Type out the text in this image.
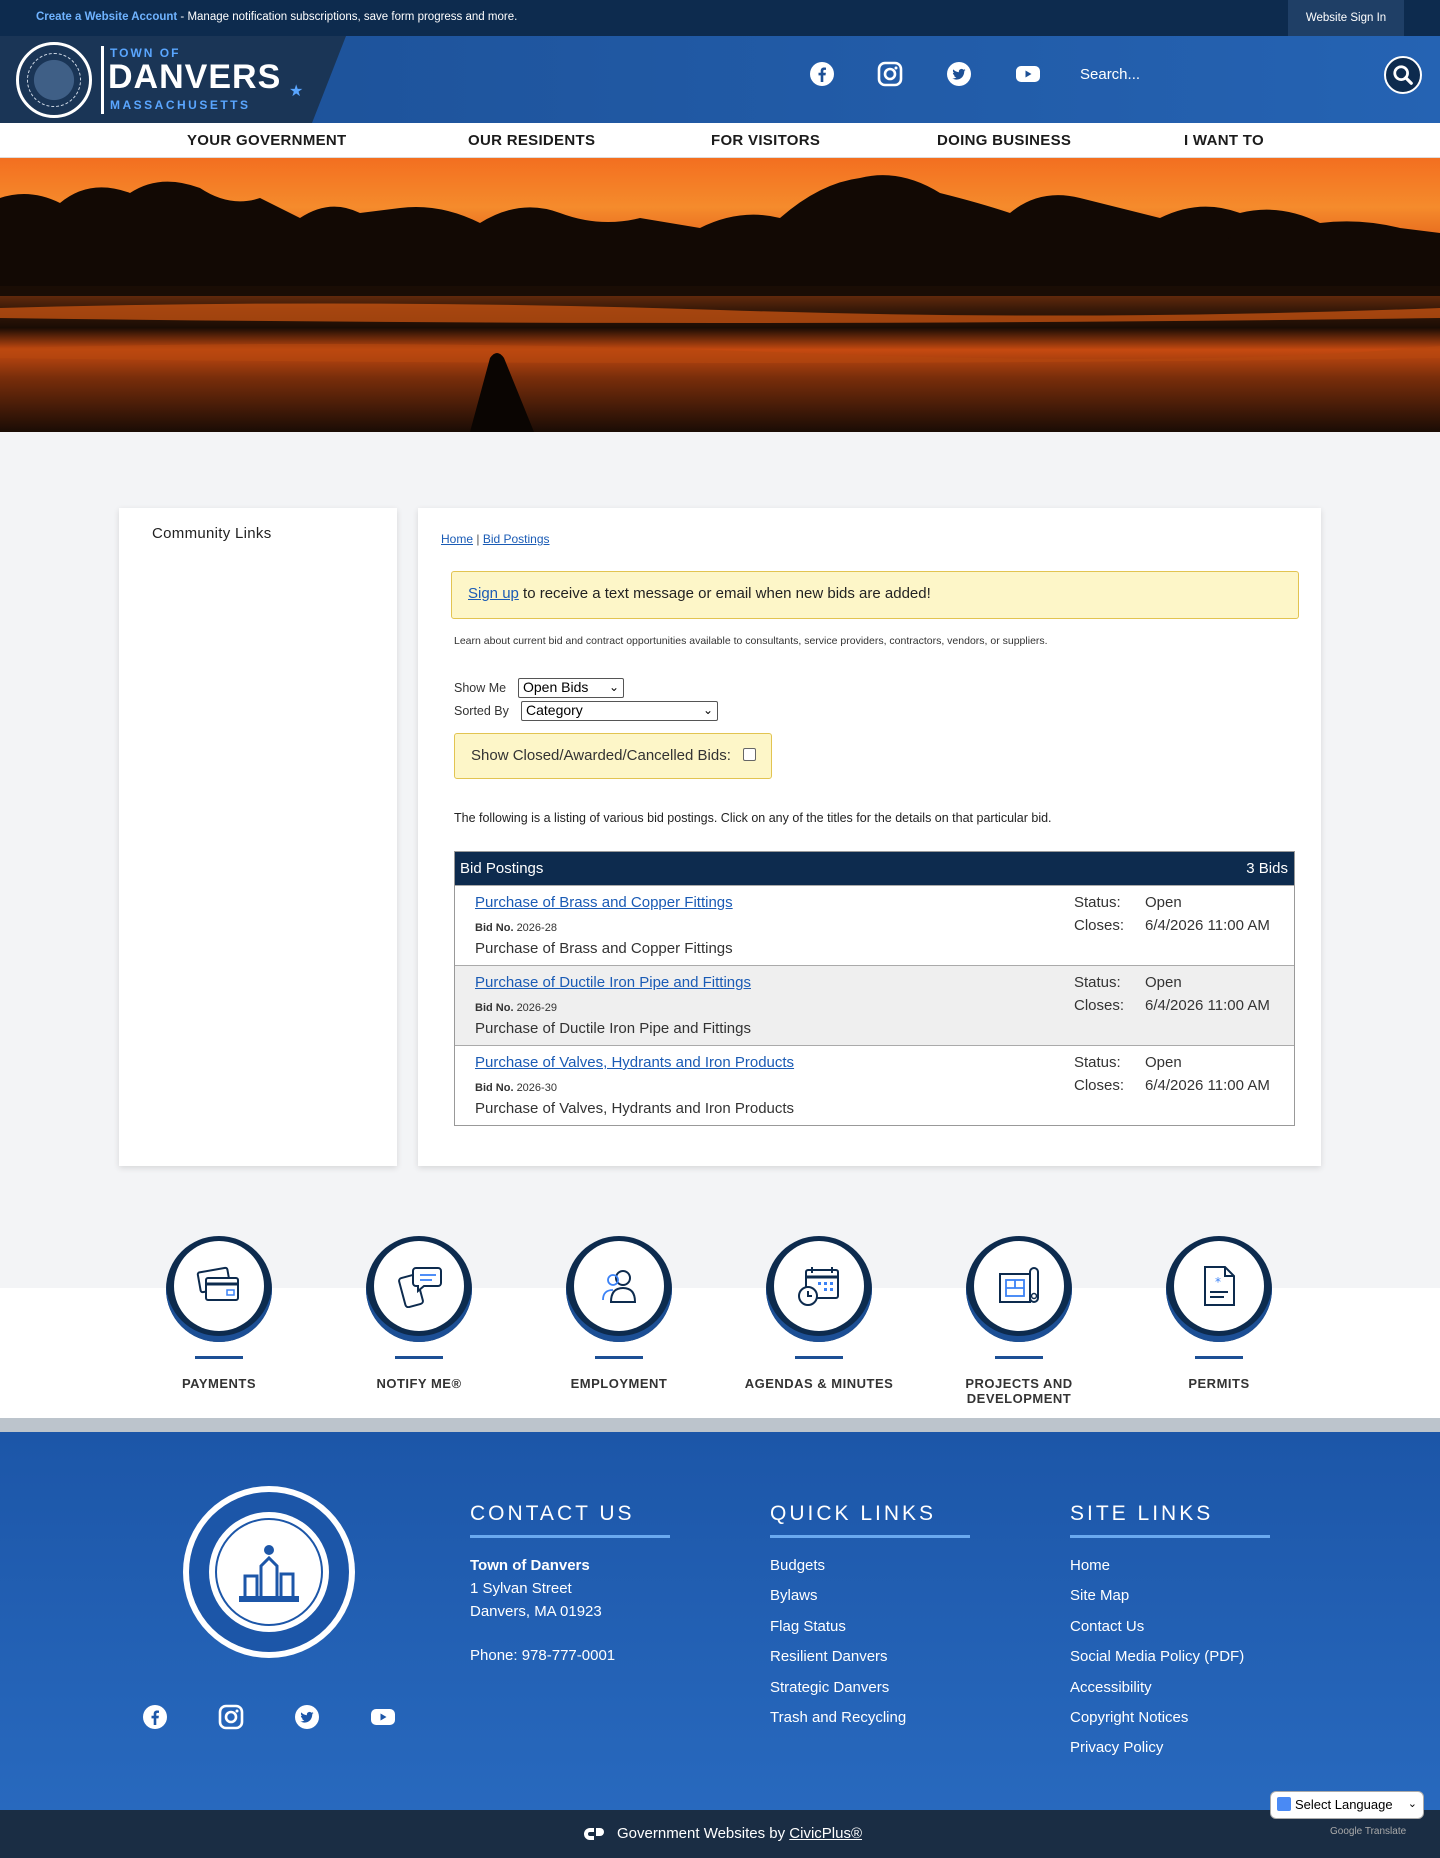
Create a Website Account - Manage notification subscriptions, save form progress and more.	Website Sign In
TOWN OF
DANVERS
MASSACHUSETTS
★
Search...
YOUR GOVERNMENT	OUR RESIDENTS	FOR VISITORS	DOING BUSINESS	I WANT TO
Community Links	Home | Bid Postings
Sign up to receive a text message or email when new bids are added!
Learn about current bid and contract opportunities available to consultants, service providers, contractors, vendors, or suppliers.
Show Me	Open Bids ⌄
Sorted By	Category	⌄
Show Closed/Awarded/Cancelled Bids:
The following is a listing of various bid postings. Click on any of the titles for the details on that particular bid.
Bid Postings	3 Bids
Purchase of Brass and Copper Fittings
Bid No. 2026-28
Purchase of Brass and Copper Fittings
Status: Open
Closes: 6/4/2026 11:00 AM
Purchase of Ductile Iron Pipe and Fittings
Bid No. 2026-29
Purchase of Ductile Iron Pipe and Fittings
Status: Open
Closes: 6/4/2026 11:00 AM
Purchase of Valves, Hydrants and Iron Products
Bid No. 2026-30
Purchase of Valves, Hydrants and Iron Products
Status: Open
Closes: 6/4/2026 11:00 AM
PAYMENTS	NOTIFY ME®	EMPLOYMENT	AGENDAS & MINUTES	PROJECTS AND DEVELOPMENT
*
PERMITS
CONTACT US
Town of Danvers
1 Sylvan Street
Danvers, MA 01923
Phone: 978-777-0001
QUICK LINKS
Budgets
Bylaws
Flag Status
Resilient Danvers
Strategic Danvers
Trash and Recycling
SITE LINKS
Home
Site Map
Contact Us
Social Media Policy (PDF)
Accessibility
Copyright Notices
Privacy Policy
Select Language ⌄
Google Translate
Government Websites by CivicPlus®
